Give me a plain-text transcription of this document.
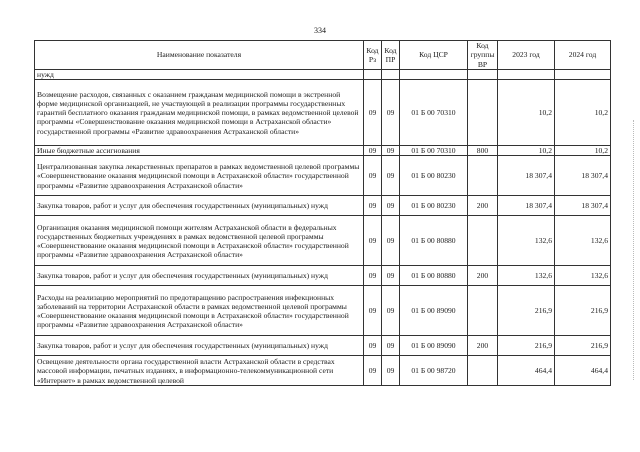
334
Наименование показателя	Код Рз	Код ПР	Код ЦСР	Код группы ВР	2023 год	2024 год
нужд						
Возмещение расходов, связанных с оказанием гражданам медицинской помощи в экстренной форме медицинской организацией, не участвующей в реализации программы государственных гарантий бесплатного оказания гражданам медицинской помощи, в рамках ведомственной целевой программы «Совершенствование оказания медицинской помощи в Астраханской области» государственной программы «Развитие здравоохранения Астраханской области»	09	09	01 Б 00 70310		10,2	10,2
Иные бюджетные ассигнования	09	09	01 Б 00 70310	800	10,2	10,2
Централизованная закупка лекарственных препаратов в рамках ведомственной целевой программы «Совершенствование оказания медицинской помощи в Астраханской области» государственной программы «Развитие здравоохранения Астраханской области»	09	09	01 Б 00 80230		18 307,4	18 307,4
Закупка товаров, работ и услуг для обеспечения государственных (муниципальных) нужд	09	09	01 Б 00 80230	200	18 307,4	18 307,4
Организация оказания медицинской помощи жителям Астраханской области в федеральных государственных бюджетных учреждениях в рамках ведомственной целевой программы «Совершенствование оказания медицинской помощи в Астраханской области» государственной программы «Развитие здравоохранения Астраханской области»	09	09	01 Б 00 80880		132,6	132,6
Закупка товаров, работ и услуг для обеспечения государственных (муниципальных) нужд	09	09	01 Б 00 80880	200	132,6	132,6
Расходы на реализацию мероприятий по предотвращению распространения инфекционных заболеваний на территории Астраханской области в рамках ведомственной целевой программы «Совершенствование оказания медицинской помощи в Астраханской области» государственной программы «Развитие здравоохранения Астраханской области»	09	09	01 Б 00 89090		216,9	216,9
Закупка товаров, работ и услуг для обеспечения государственных (муниципальных) нужд	09	09	01 Б 00 89090	200	216,9	216,9
Освещение деятельности органа государственной власти Астраханской области в средствах массовой информации, печатных изданиях, в информационно-телекоммуникационной сети «Интернет» в рамках ведомственной целевой	09	09	01 Б 00 98720		464,4	464,4
